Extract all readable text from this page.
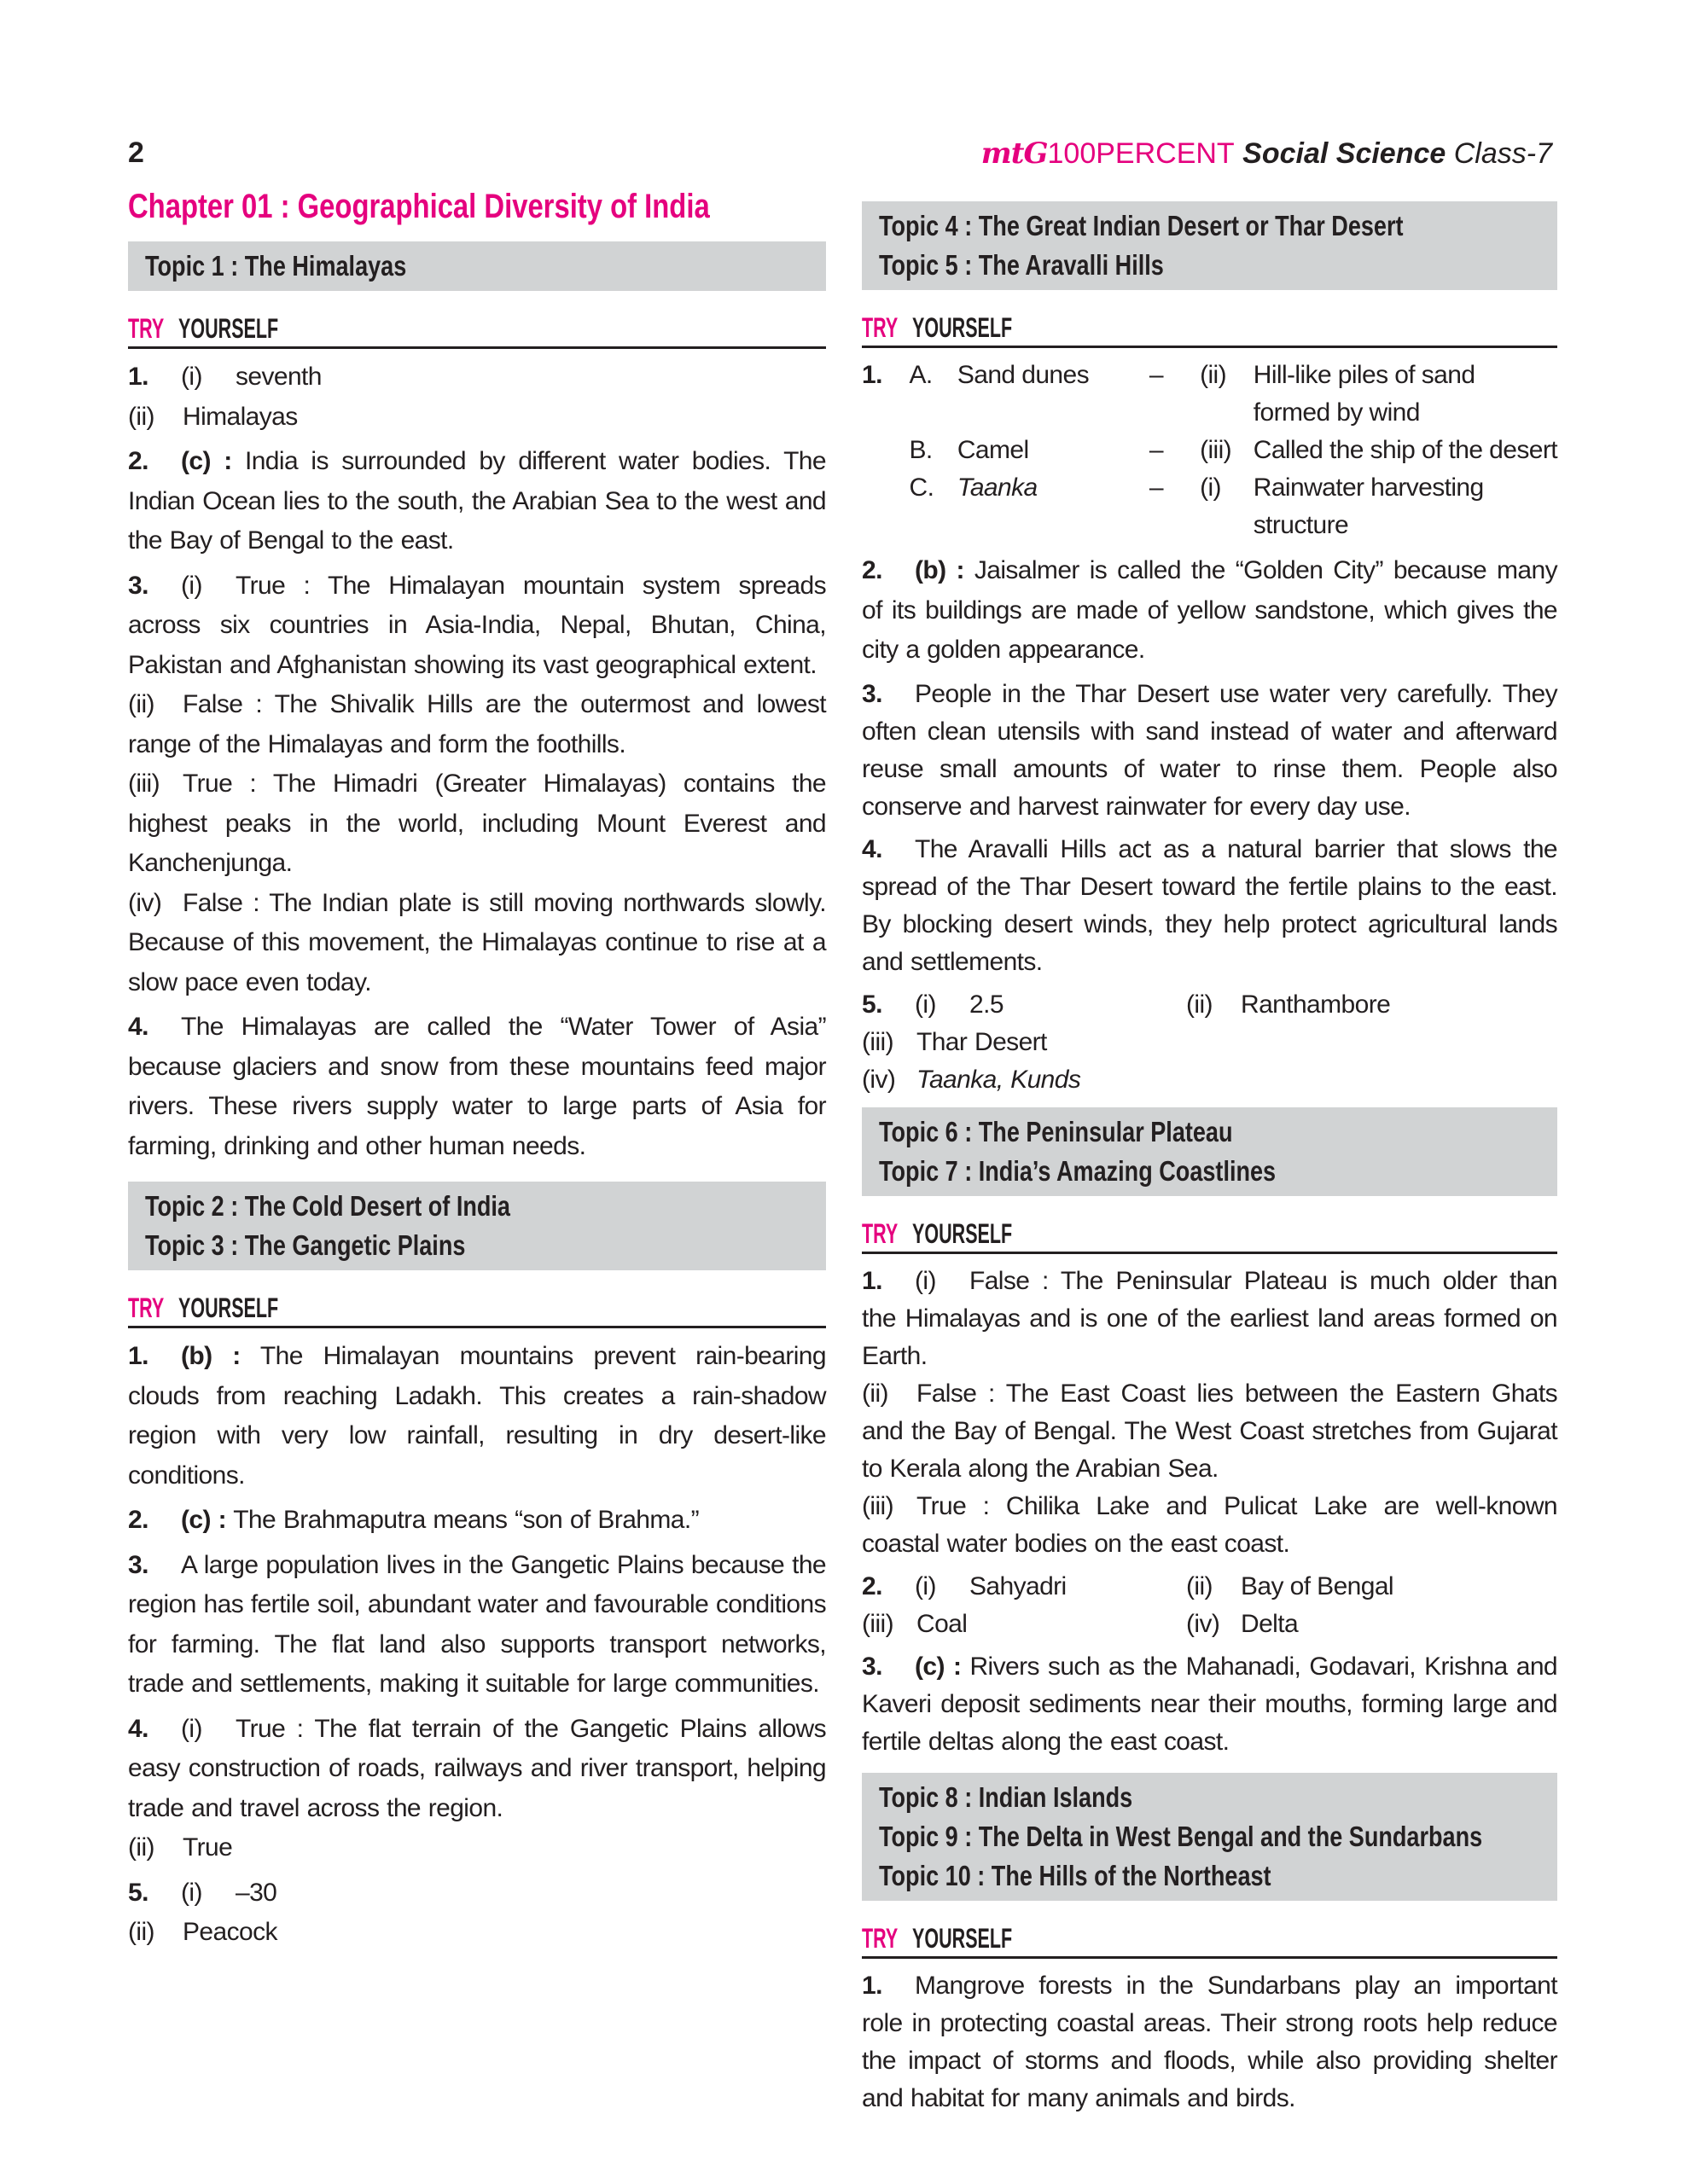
2	mtG100PERCENT Social Science Class-7
Chapter 01 : Geographical Diversity of India
Topic 1 : The Himalayas
TRY YOURSELF
1. (i) seventh
(ii) Himalayas
2. (c) : India is surrounded by different water bodies. The Indian Ocean lies to the south, the Arabian Sea to the west and the Bay of Bengal to the east.
3. (i) True : The Himalayan mountain system spreads across six countries in Asia-India, Nepal, Bhutan, China, Pakistan and Afghanistan showing its vast geographical extent.
(ii) False : The Shivalik Hills are the outermost and lowest range of the Himalayas and form the foothills.
(iii) True : The Himadri (Greater Himalayas) contains the highest peaks in the world, including Mount Everest and Kanchenjunga.
(iv) False : The Indian plate is still moving northwards slowly. Because of this movement, the Himalayas continue to rise at a slow pace even today.
4. The Himalayas are called the “Water Tower of Asia” because glaciers and snow from these mountains feed major rivers. These rivers supply water to large parts of Asia for farming, drinking and other human needs.
Topic 2 : The Cold Desert of India
Topic 3 : The Gangetic Plains
TRY YOURSELF
1. (b) : The Himalayan mountains prevent rain-bearing clouds from reaching Ladakh. This creates a rain-shadow region with very low rainfall, resulting in dry desert-like conditions.
2. (c) : The Brahmaputra means “son of Brahma.”
3. A large population lives in the Gangetic Plains because the region has fertile soil, abundant water and favourable conditions for farming. The flat land also supports transport networks, trade and settlements, making it suitable for large communities.
4. (i) True : The flat terrain of the Gangetic Plains allows easy construction of roads, railways and river transport, helping trade and travel across the region.
(ii) True
5. (i) –30
(ii) Peacock
Topic 4 : The Great Indian Desert or Thar Desert
Topic 5 : The Aravalli Hills
TRY YOURSELF
1.	A.	Sand dunes	–	(ii)	Hill-like piles of sand formed by wind
	B.	Camel	–	(iii)	Called the ship of the desert
	C.	Taanka	–	(i)	Rainwater harvesting structure
2. (b) : Jaisalmer is called the “Golden City” because many of its buildings are made of yellow sandstone, which gives the city a golden appearance.
3. People in the Thar Desert use water very carefully. They often clean utensils with sand instead of water and afterward reuse small amounts of water to rinse them. People also conserve and harvest rainwater for every day use.
4. The Aravalli Hills act as a natural barrier that slows the spread of the Thar Desert toward the fertile plains to the east. By blocking desert winds, they help protect agricultural lands and settlements.
5. (i) 2.5	(ii) Ranthambore
(iii) Thar Desert
(iv) Taanka, Kunds
Topic 6 : The Peninsular Plateau
Topic 7 : India’s Amazing Coastlines
TRY YOURSELF
1. (i) False : The Peninsular Plateau is much older than the Himalayas and is one of the earliest land areas formed on Earth.
(ii) False : The East Coast lies between the Eastern Ghats and the Bay of Bengal. The West Coast stretches from Gujarat to Kerala along the Arabian Sea.
(iii) True : Chilika Lake and Pulicat Lake are well-known coastal water bodies on the east coast.
2. (i) Sahyadri	(ii) Bay of Bengal
(iii) Coal	(iv) Delta
3. (c) : Rivers such as the Mahanadi, Godavari, Krishna and Kaveri deposit sediments near their mouths, forming large and fertile deltas along the east coast.
Topic 8 : Indian Islands
Topic 9 : The Delta in West Bengal and the Sundarbans
Topic 10 : The Hills of the Northeast
TRY YOURSELF
1. Mangrove forests in the Sundarbans play an important role in protecting coastal areas. Their strong roots help reduce the impact of storms and floods, while also providing shelter and habitat for many animals and birds.
